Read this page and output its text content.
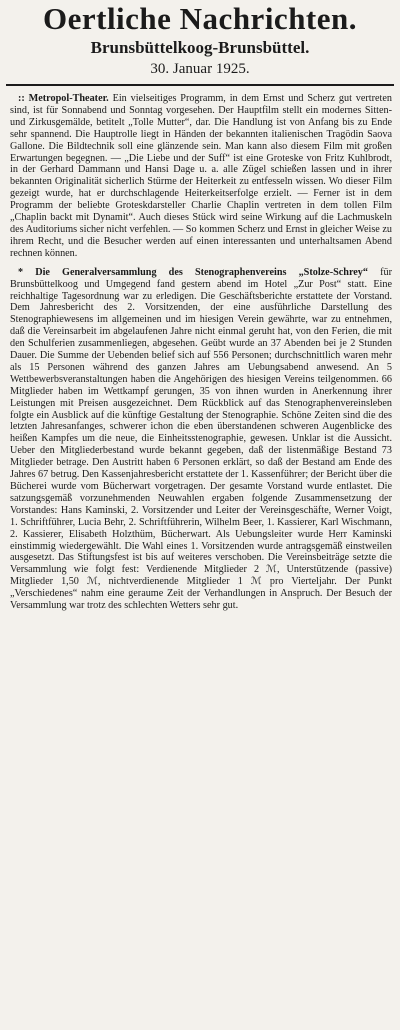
Oertliche Nachrichten.
Brunsbüttelkoog-Brunsbüttel.
30. Januar 1925.

:: Metropol-Theater. Ein vielseitiges Programm, in dem Ernst und Scherz gut vertreten sind, ist für Sonnabend und Sonntag vorgesehen. Der Hauptfilm stellt ein modernes Sitten- und Zirkusgemälde, betitelt „Tolle Mutter“, dar. Die Handlung ist von Anfang bis zu Ende sehr spannend. Die Hauptrolle liegt in Händen der bekannten italienischen Tragödin Saova Gallone. Die Bildtechnik soll eine glänzende sein. Man kann also diesem Film mit großen Erwartungen begegnen. — „Die Liebe und der Suff“ ist eine Groteske von Fritz Kuhlbrodt, in der Gerhard Dammann und Hansi Dage u. a. alle Zügel schießen lassen und in ihrer bekannten Originalität sicherlich Stürme der Heiterkeit zu entfesseln wissen. Wo dieser Film gezeigt wurde, hat er durchschlagende Heiterkeitserfolge erzielt. — Ferner ist in dem Programm der beliebte Groteskdarsteller Charlie Chaplin vertreten in dem tollen Film „Chaplin backt mit Dynamit“. Auch dieses Stück wird seine Wirkung auf die Lachmuskeln des Auditoriums sicher nicht verfehlen. — So kommen Scherz und Ernst in gleicher Weise zu ihrem Recht, und die Besucher werden auf einen interessanten und unterhaltsamen Abend rechnen können.

* Die Generalversammlung des Stenographenvereins „Stolze-Schrey“ für Brunsbüttelkoog und Umgegend fand gestern abend im Hotel „Zur Post“ statt. Eine reichhaltige Tagesordnung war zu erledigen. Die Geschäftsberichte erstattete der Vorstand. Dem Jahresbericht des 2. Vorsitzenden, der eine ausführliche Darstellung des Stenographiewesens im allgemeinen und im hiesigen Verein gewährte, war zu entnehmen, daß die Vereinsarbeit im abgelaufenen Jahre nicht einmal geruht hat, von den Ferien, die mit den Schulferien zusammenliegen, abgesehen. Geübt wurde an 37 Abenden bei je 2 Stunden Dauer. Die Summe der Uebenden belief sich auf 556 Personen; durchschnittlich waren mehr als 15 Personen während des ganzen Jahres am Uebungsabend anwesend. An 5 Wettbewerbsveranstaltungen haben die Angehörigen des hiesigen Vereins teilgenommen. 66 Mitglieder haben im Wettkampf gerungen, 35 von ihnen wurden in Anerkennung ihrer Leistungen mit Preisen ausgezeichnet. Dem Rückblick auf das Stenographenvereinsleben folgte ein Ausblick auf die künftige Gestaltung der Stenographie. Schöne Zeiten sind die des letzten Jahresanfanges, schwerer ichon die eben überstandenen schweren Augenblicke des heißen Kampfes um die neue, die Einheitsstenographie, gewesen. Unklar ist die Aussicht. Ueber den Mitgliederbestand wurde bekannt gegeben, daß der listenmäßige Bestand 73 Mitglieder betrage. Den Austritt haben 6 Personen erklärt, so daß der Bestand am Ende des Jahres 67 betrug. Den Kassenjahresbericht erstattete der 1. Kassenführer; der Bericht über die Bücherei wurde vom Bücherwart vorgetragen. Der gesamte Vorstand wurde entlastet. Die satzungsgemäß vorzunehmenden Neuwahlen ergaben folgende Zusammensetzung der Vorstandes: Hans Kaminski, 2. Vorsitzender und Leiter der Vereinsgeschäfte, Werner Voigt, 1. Schriftführer, Lucia Behr, 2. Schriftführerin, Wilhelm Beer, 1. Kassierer, Karl Wischmann, 2. Kassierer, Elisabeth Holzthüm, Bücherwart. Als Uebungsleiter wurde Herr Kaminski einstimmig wiedergewählt. Die Wahl eines 1. Vorsitzenden wurde antragsgemäß einstweilen ausgesetzt. Das Stiftungsfest ist bis auf weiteres verschoben. Die Vereinsbeiträge setzte die Versammlung wie folgt fest: Verdienende Mitglieder 2 ℳ, Unterstützende (passive) Mitglieder 1,50 ℳ, nichtverdienende Mitglieder 1 ℳ pro Vierteljahr. Der Punkt „Verschiedenes“ nahm eine geraume Zeit der Verhandlungen in Anspruch. Der Besuch der Versammlung war trotz des schlechten Wetters sehr gut.
